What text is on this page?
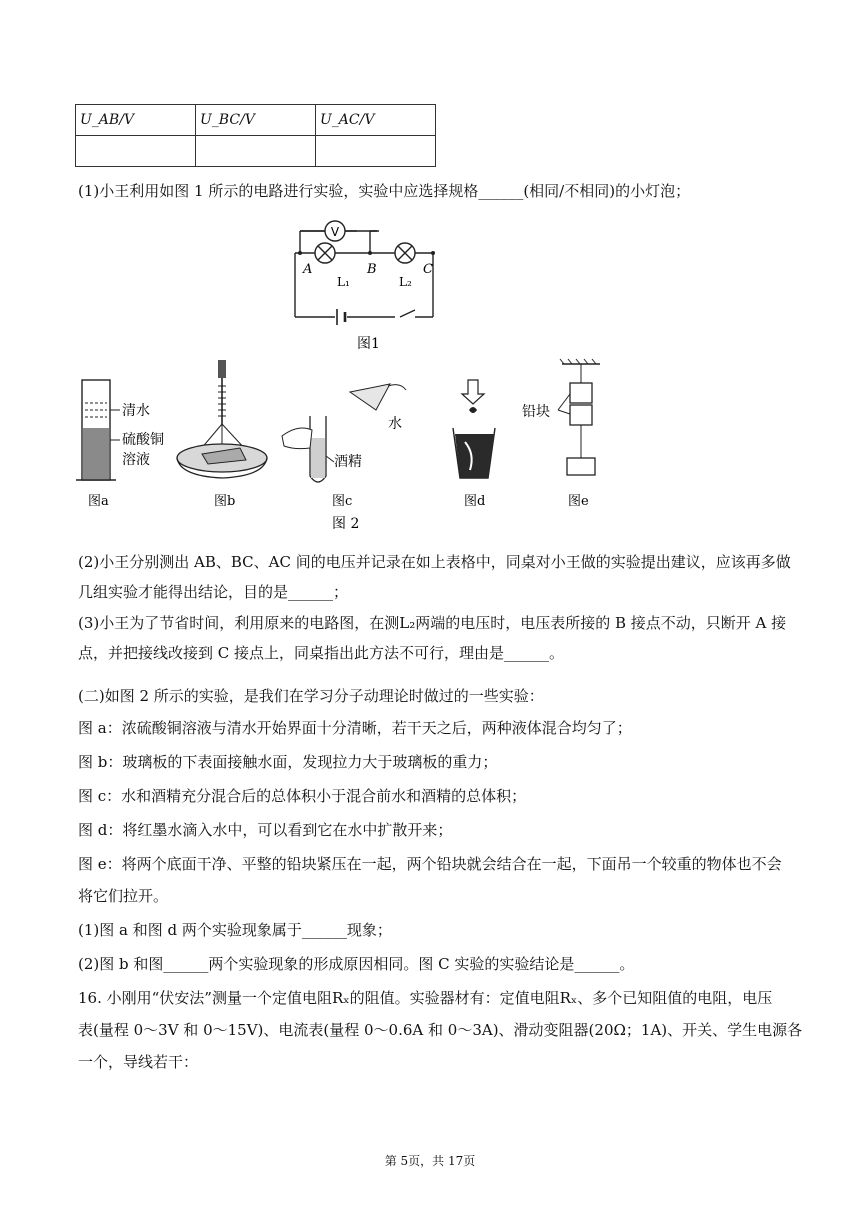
U_AB/V	U_BC/V	U_AC/V

(1)小王利用如图 1 所示的电路进行实验，实验中应选择规格______(相同/不相同)的小灯泡；
V
A	B	C
L₁	L₂
图1
清水
硫酸铜
溶液
图a	图b
水
酒精
图c	图d
铅块
图e
图 2
(2)小王分别测出 AB、BC、AC 间的电压并记录在如上表格中，同桌对小王做的实验提出建议，应该再多做
几组实验才能得出结论，目的是______；
(3)小王为了节省时间，利用原来的电路图，在测L₂两端的电压时，电压表所接的 B 接点不动，只断开 A 接
点，并把接线改接到 C 接点上，同桌指出此方法不可行，理由是______。
(二)如图 2 所示的实验，是我们在学习分子动理论时做过的一些实验：
图 a：浓硫酸铜溶液与清水开始界面十分清晰，若干天之后，两种液体混合均匀了；
图 b：玻璃板的下表面接触水面，发现拉力大于玻璃板的重力；
图 c：水和酒精充分混合后的总体积小于混合前水和酒精的总体积；
图 d：将红墨水滴入水中，可以看到它在水中扩散开来；
图 e：将两个底面干净、平整的铅块紧压在一起，两个铅块就会结合在一起，下面吊一个较重的物体也不会
将它们拉开。
(1)图 a 和图 d 两个实验现象属于______现象；
(2)图 b 和图______两个实验现象的形成原因相同。图 C 实验的实验结论是______。
16. 小刚用“伏安法”测量一个定值电阻Rₓ的阻值。实验器材有：定值电阻Rₓ、多个已知阻值的电阻，电压
表(量程 0～3V 和 0～15V)、电流表(量程 0～0.6A 和 0～3A)、滑动变阻器(20Ω；1A)、开关、学生电源各
一个，导线若干：
第 5页，共 17页
